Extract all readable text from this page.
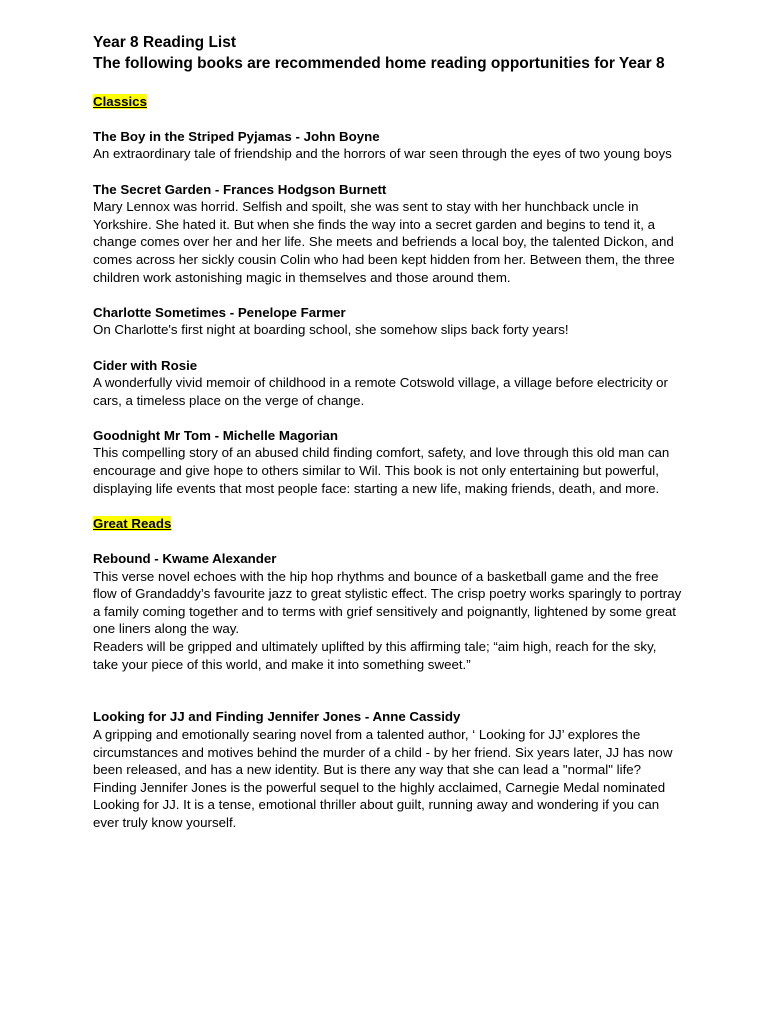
Year 8 Reading List

The following books are recommended home reading opportunities for Year 8

Classics

The Boy in the Striped Pyjamas - John Boyne

An extraordinary tale of friendship and the horrors of war seen through the eyes of two young boys

The Secret Garden - Frances Hodgson Burnett

Mary Lennox was horrid. Selfish and spoilt, she was sent to stay with her hunchback uncle in Yorkshire. She hated it. But when she finds the way into a secret garden and begins to tend it, a change comes over her and her life. She meets and befriends a local boy, the talented Dickon, and comes across her sickly cousin Colin who had been kept hidden from her. Between them, the three children work astonishing magic in themselves and those around them.

Charlotte Sometimes - Penelope Farmer

On Charlotte's first night at boarding school, she somehow slips back forty years!

Cider with Rosie

A wonderfully vivid memoir of childhood in a remote Cotswold village, a village before electricity or cars, a timeless place on the verge of change.

Goodnight Mr Tom - Michelle Magorian

This compelling story of an abused child finding comfort, safety, and love through this old man can encourage and give hope to others similar to Wil. This book is not only entertaining but powerful, displaying life events that most people face: starting a new life, making friends, death, and more.

Great Reads

Rebound - Kwame Alexander

This verse novel echoes with the hip hop rhythms and bounce of a basketball game and the free flow of Grandaddy’s favourite jazz to great stylistic effect. The crisp poetry works sparingly to portray a family coming together and to terms with grief sensitively and poignantly, lightened by some great one liners along the way.

Readers will be gripped and ultimately uplifted by this affirming tale; “aim high, reach for the sky, take your piece of this world, and make it into something sweet.”

Looking for JJ and Finding Jennifer Jones - Anne Cassidy

A gripping and emotionally searing novel from a talented author, ‘ Looking for JJ’ explores the circumstances and motives behind the murder of a child - by her friend. Six years later, JJ has now been released, and has a new identity. But is there any way that she can lead a "normal" life? Finding Jennifer Jones is the powerful sequel to the highly acclaimed, Carnegie Medal nominated Looking for JJ. It is a tense, emotional thriller about guilt, running away and wondering if you can ever truly know yourself.
